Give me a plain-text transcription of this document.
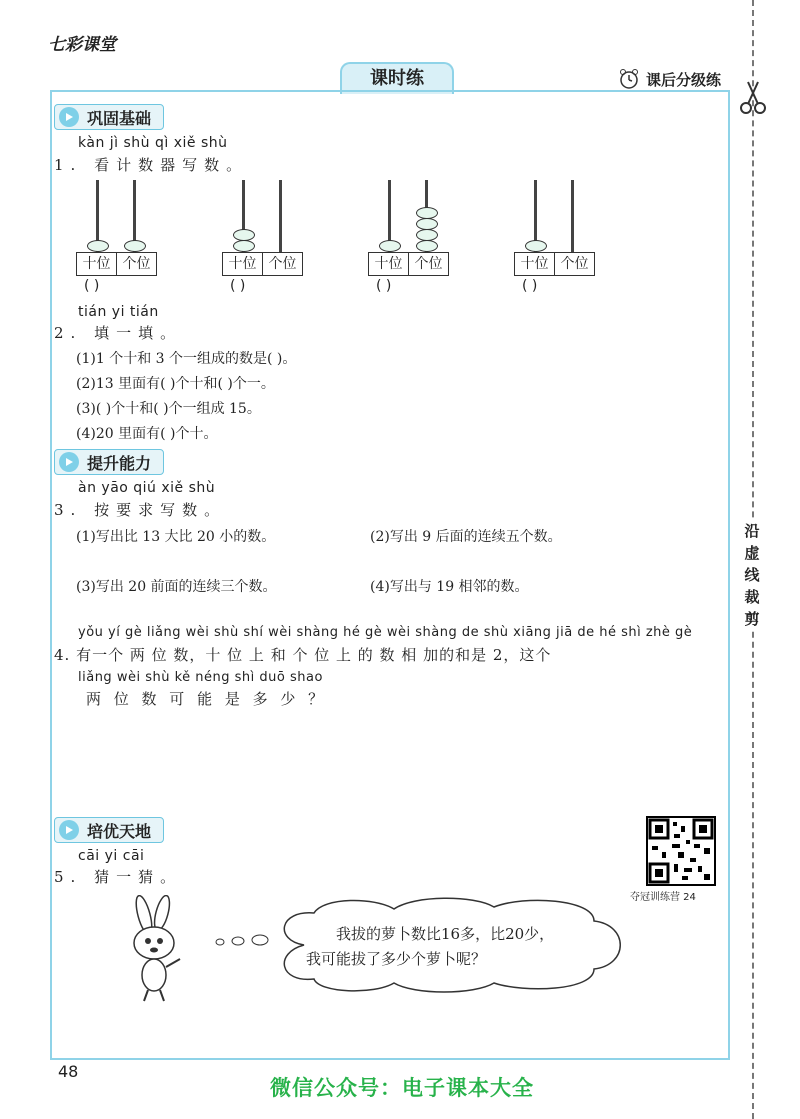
七彩课堂
课时练	课后分级练
沿虚线裁剪
巩固基础
kàn jì shù qì xiě shù
1. 看计数器写数。
十位 个位
( )
十位 个位
( )
十位 个位
( )
十位 个位
( )
tián yi tián
2. 填一填。
(1)1 个十和 3 个一组成的数是( )。
(2)13 里面有( )个十和( )个一。
(3)( )个十和( )个一组成 15。
(4)20 里面有( )个十。
提升能力
àn yāo qiú xiě shù
3. 按要求写数。
(1)写出比 13 大比 20 小的数。	(2)写出 9 后面的连续五个数。
(3)写出 20 前面的连续三个数。	(4)写出与 19 相邻的数。
yǒu yí gè liǎng wèi shù shí wèi shàng hé gè wèi shàng de shù xiāng jiā de hé shì zhè gè
4. 有一个 两 位 数，十 位 上 和 个 位 上 的 数 相 加的和是 2，这个
liǎng wèi shù kě néng shì duō shao
两 位 数 可 能 是 多 少 ？
培优天地
cāi yi cāi
5. 猜一猜。
夺冠训练营 24
我拔的萝卜数比16多，比20少，
我可能拔了多少个萝卜呢？
48
微信公众号：电子课本大全
